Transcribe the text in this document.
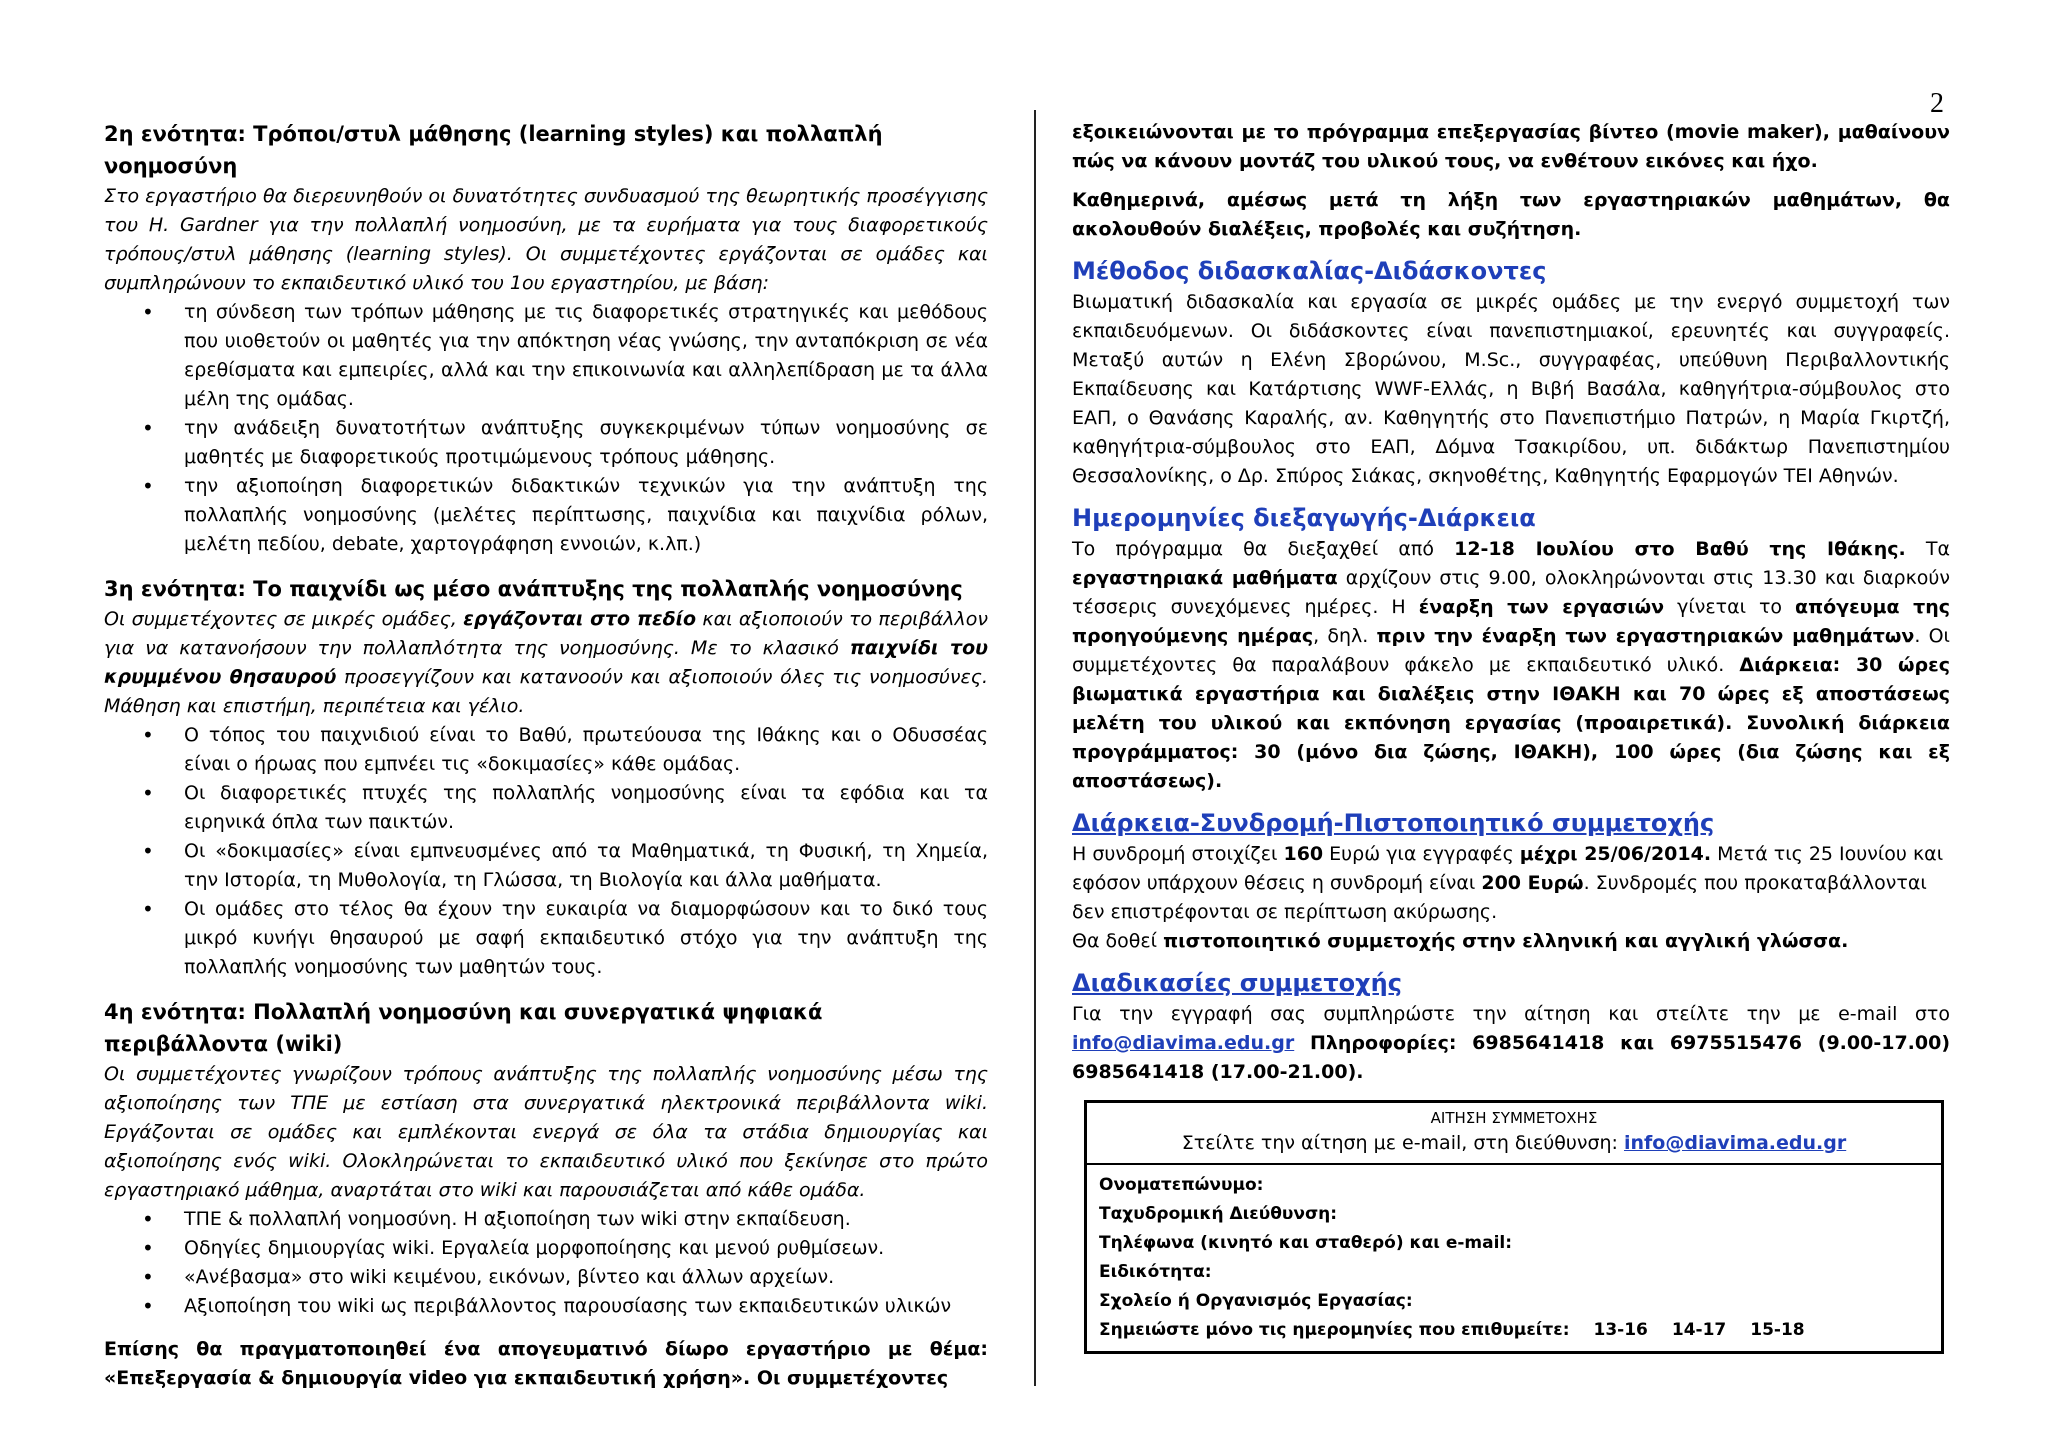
2
2η ενότητα: Τρόποι/στυλ μάθησης (learning styles) και πολλαπλή νοημοσύνη

Στο εργαστήριο θα διερευνηθούν οι δυνατότητες συνδυασμού της θεωρητικής προσέγγισης του Η. Gardner για την πολλαπλή νοημοσύνη, με τα ευρήματα για τους διαφορετικούς τρόπους/στυλ μάθησης (learning styles). Οι συμμετέχοντες εργάζονται σε ομάδες και συμπληρώνουν το εκπαιδευτικό υλικό του 1ου εργαστηρίου, με βάση:

• τη σύνδεση των τρόπων μάθησης με τις διαφορετικές στρατηγικές και μεθόδους που υιοθετούν οι μαθητές για την απόκτηση νέας γνώσης, την ανταπόκριση σε νέα ερεθίσματα και εμπειρίες, αλλά και την επικοινωνία και αλληλεπίδραση με τα άλλα μέλη της ομάδας.
• την ανάδειξη δυνατοτήτων ανάπτυξης συγκεκριμένων τύπων νοημοσύνης σε μαθητές με διαφορετικούς προτιμώμενους τρόπους μάθησης.
• την αξιοποίηση διαφορετικών διδακτικών τεχνικών για την ανάπτυξη της πολλαπλής νοημοσύνης (μελέτες περίπτωσης, παιχνίδια και παιχνίδια ρόλων, μελέτη πεδίου, debate, χαρτογράφηση εννοιών, κ.λπ.)
3η ενότητα: Το παιχνίδι ως μέσο ανάπτυξης της πολλαπλής νοημοσύνης

Οι συμμετέχοντες σε μικρές ομάδες, εργάζονται στο πεδίο και αξιοποιούν το περιβάλλον για να κατανοήσουν την πολλαπλότητα της νοημοσύνης. Με το κλασικό παιχνίδι του κρυμμένου θησαυρού προσεγγίζουν και κατανοούν και αξιοποιούν όλες τις νοημοσύνες. Μάθηση και επιστήμη, περιπέτεια και γέλιο.

• Ο τόπος του παιχνιδιού είναι το Βαθύ, πρωτεύουσα της Ιθάκης και ο Οδυσσέας είναι ο ήρωας που εμπνέει τις «δοκιμασίες» κάθε ομάδας.
• Οι διαφορετικές πτυχές της πολλαπλής νοημοσύνης είναι τα εφόδια και τα ειρηνικά όπλα των παικτών.
• Οι «δοκιμασίες» είναι εμπνευσμένες από τα Μαθηματικά, τη Φυσική, τη Χημεία, την Ιστορία, τη Μυθολογία, τη Γλώσσα, τη Βιολογία και άλλα μαθήματα.
• Οι ομάδες στο τέλος θα έχουν την ευκαιρία να διαμορφώσουν και το δικό τους μικρό κυνήγι θησαυρού με σαφή εκπαιδευτικό στόχο για την ανάπτυξη της πολλαπλής νοημοσύνης των μαθητών τους.
4η ενότητα: Πολλαπλή νοημοσύνη και συνεργατικά ψηφιακά περιβάλλοντα (wiki)

Οι συμμετέχοντες γνωρίζουν τρόπους ανάπτυξης της πολλαπλής νοημοσύνης μέσω της αξιοποίησης των ΤΠΕ με εστίαση στα συνεργατικά ηλεκτρονικά περιβάλλοντα wiki. Εργάζονται σε ομάδες και εμπλέκονται ενεργά σε όλα τα στάδια δημιουργίας και αξιοποίησης ενός wiki. Ολοκληρώνεται το εκπαιδευτικό υλικό που ξεκίνησε στο πρώτο εργαστηριακό μάθημα, αναρτάται στο wiki και παρουσιάζεται από κάθε ομάδα.

• ΤΠΕ & πολλαπλή νοημοσύνη. Η αξιοποίηση των wiki στην εκπαίδευση.
• Οδηγίες δημιουργίας wiki. Εργαλεία μορφοποίησης και μενού ρυθμίσεων.
• «Ανέβασμα» στο wiki κειμένου, εικόνων, βίντεο και άλλων αρχείων.
• Αξιοποίηση του wiki ως περιβάλλοντος παρουσίασης των εκπαιδευτικών υλικών

Επίσης θα πραγματοποιηθεί ένα απογευματινό δίωρο εργαστήριο με θέμα: «Επεξεργασία & δημιουργία video για εκπαιδευτική χρήση». Οι συμμετέχοντες

εξοικειώνονται με το πρόγραμμα επεξεργασίας βίντεο (movie maker), μαθαίνουν πώς να κάνουν μοντάζ του υλικού τους, να ενθέτουν εικόνες και ήχο.

Καθημερινά, αμέσως μετά τη λήξη των εργαστηριακών μαθημάτων, θα ακολουθούν διαλέξεις, προβολές και συζήτηση.

Μέθοδος διδασκαλίας-Διδάσκοντες

Βιωματική διδασκαλία και εργασία σε μικρές ομάδες με την ενεργό συμμετοχή των εκπαιδευόμενων. Οι διδάσκοντες είναι πανεπιστημιακοί, ερευνητές και συγγραφείς. Μεταξύ αυτών η Ελένη Σβορώνου, M.Sc., συγγραφέας, υπεύθυνη Περιβαλλοντικής Εκπαίδευσης και Κατάρτισης WWF-Ελλάς, η Βιβή Βασάλα, καθηγήτρια-σύμβουλος στο ΕΑΠ, ο Θανάσης Καραλής, αν. Καθηγητής στο Πανεπιστήμιο Πατρών, η Μαρία Γκιρτζή, καθηγήτρια-σύμβουλος στο ΕΑΠ, Δόμνα Τσακιρίδου, υπ. διδάκτωρ Πανεπιστημίου Θεσσαλονίκης, ο Δρ. Σπύρος Σιάκας, σκηνοθέτης, Καθηγητής Εφαρμογών ΤΕΙ Αθηνών.

Ημερομηνίες διεξαγωγής-Διάρκεια

Το πρόγραμμα θα διεξαχθεί από 12-18 Ιουλίου στο Βαθύ της Ιθάκης. Τα εργαστηριακά μαθήματα αρχίζουν στις 9.00, ολοκληρώνονται στις 13.30 και διαρκούν τέσσερις συνεχόμενες ημέρες. Η έναρξη των εργασιών γίνεται το απόγευμα της προηγούμενης ημέρας, δηλ. πριν την έναρξη των εργαστηριακών μαθημάτων. Οι συμμετέχοντες θα παραλάβουν φάκελο με εκπαιδευτικό υλικό. Διάρκεια: 30 ώρες βιωματικά εργαστήρια και διαλέξεις στην ΙΘΑΚΗ και 70 ώρες εξ αποστάσεως μελέτη του υλικού και εκπόνηση εργασίας (προαιρετικά). Συνολική διάρκεια προγράμματος: 30 (μόνο δια ζώσης, ΙΘΑΚΗ), 100 ώρες (δια ζώσης και εξ αποστάσεως).

Διάρκεια-Συνδρομή-Πιστοποιητικό συμμετοχής

Η συνδρομή στοιχίζει 160 Ευρώ για εγγραφές μέχρι 25/06/2014. Μετά τις 25 Ιουνίου και εφόσον υπάρχουν θέσεις η συνδρομή είναι 200 Ευρώ. Συνδρομές που προκαταβάλλονται δεν επιστρέφονται σε περίπτωση ακύρωσης.

Θα δοθεί πιστοποιητικό συμμετοχής στην ελληνική και αγγλική γλώσσα.

Διαδικασίες συμμετοχής

Για την εγγραφή σας συμπληρώστε την αίτηση και στείλτε την με e-mail στο info@diavima.edu.gr Πληροφορίες: 6985641418 και 6975515476 (9.00-17.00) 6985641418 (17.00-21.00).

ΑΙΤΗΣΗ ΣΥΜΜΕΤΟΧΗΣ
Στείλτε την αίτηση με e-mail, στη διεύθυνση: info@diavima.edu.gr
Ονοματεπώνυμο:
Ταχυδρομική Διεύθυνση:
Τηλέφωνα (κινητό και σταθερό) και e-mail:
Ειδικότητα:
Σχολείο ή Οργανισμός Εργασίας:
Σημειώστε μόνο τις ημερομηνίες που επιθυμείτε: 13-16 14-17 15-18
